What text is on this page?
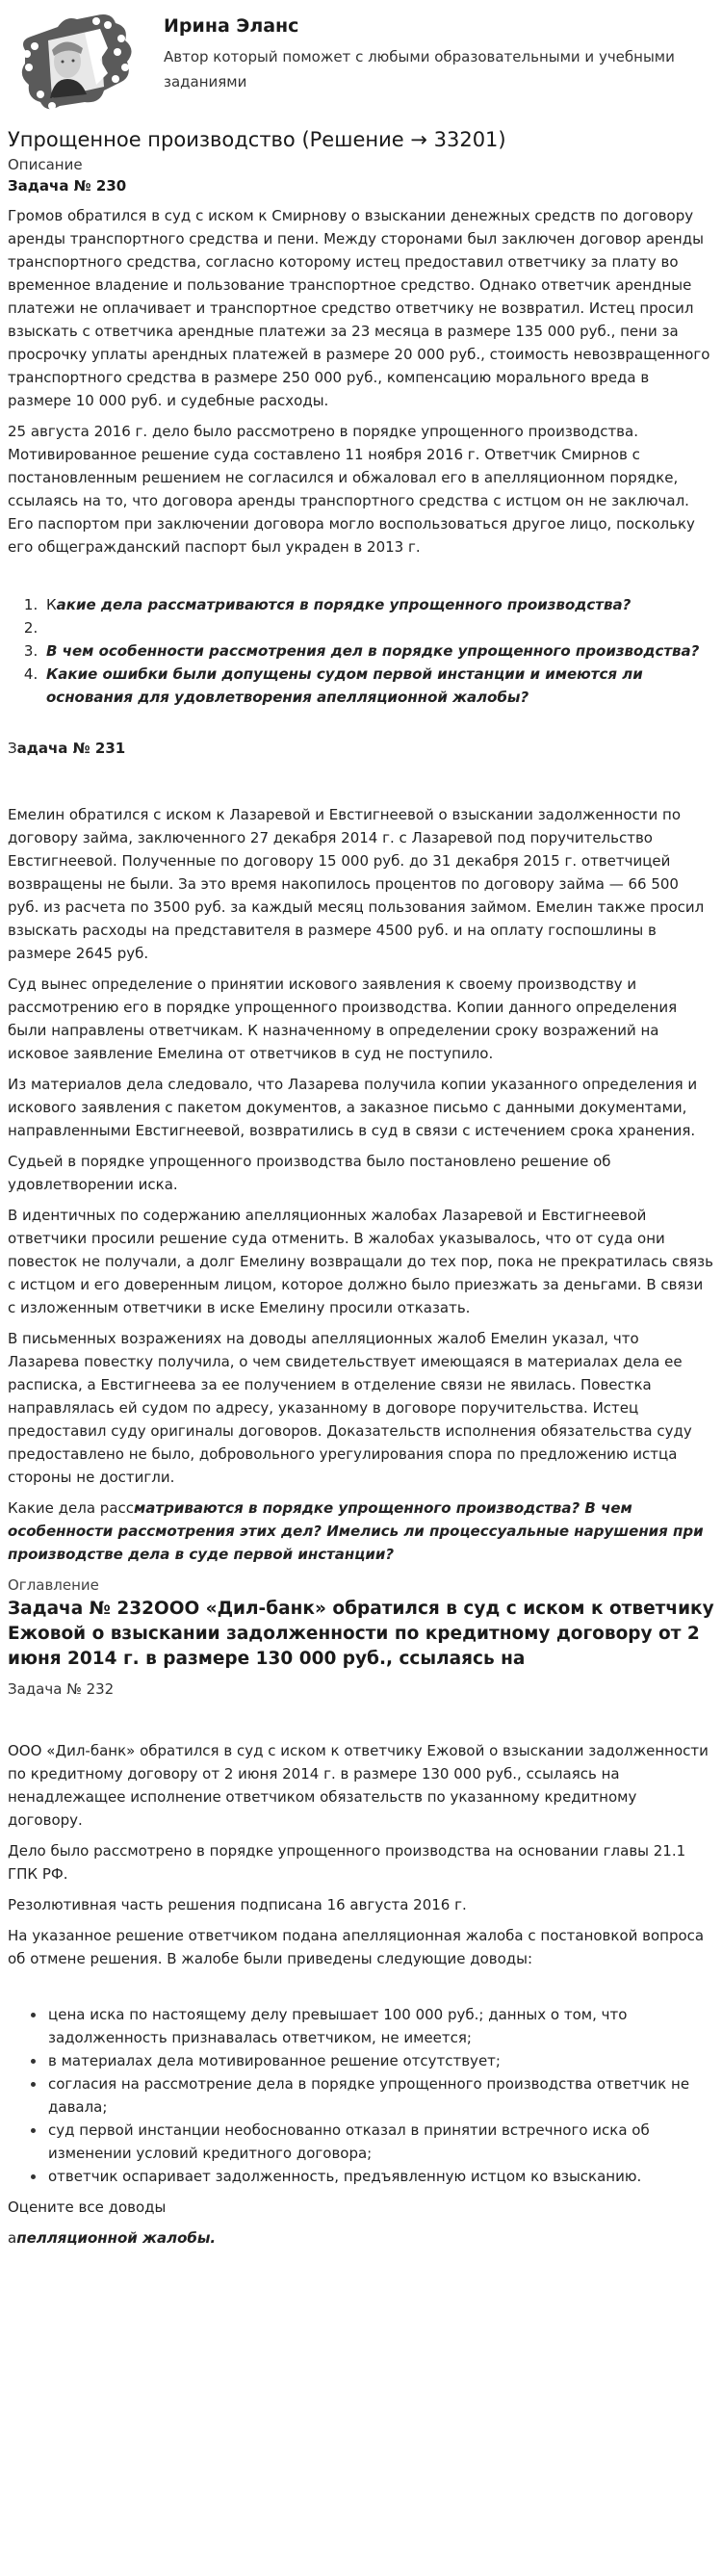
Ирина Эланс
Автор который поможет с любыми образовательными и учебными заданиями
Упрощенное производство (Решение → 33201)
Описание
Задача № 230

Громов обратился в суд с иском к Смирнову о взыскании денежных средств по договору аренды транспортного средства и пени. Между сторонами был заключен договор аренды транспортного средства, согласно которому истец предоставил ответчику за плату во временное владение и пользование транспортное средство. Однако ответчик арендные платежи не оплачивает и транспортное средство ответчику не возвратил. Истец просил взыскать с ответчика арендные платежи за 23 месяца в размере 135 000 руб., пени за просрочку уплаты арендных платежей в размере 20 000 руб., стоимость невозвращенного транспортного средства в размере 250 000 руб., компенсацию морального вреда в размере 10 000 руб. и судебные расходы.

25 августа 2016 г. дело было рассмотрено в порядке упрощенного производства. Мотивированное решение суда составлено 11 ноября 2016 г. Ответчик Смирнов с постановленным решением не согласился и обжаловал его в апелляционном порядке, ссылаясь на то, что договора аренды транспортного средства с истцом он не заключал. Его паспортом при заключении договора могло воспользоваться другое лицо, поскольку его общегражданский паспорт был украден в 2013 г.

1. Какие дела рассматриваются в порядке упрощенного производства?
2.
3. В чем особенности рассмотрения дел в порядке упрощенного производства?
4. Какие ошибки были допущены судом первой инстанции и имеются ли основания для удовлетворения апелляционной жалобы?
Задача № 231

Емелин обратился с иском к Лазаревой и Евстигнеевой о взыскании задолженности по договору займа, заключенного 27 декабря 2014 г. с Лазаревой под поручительство Евстигнеевой. Полученные по договору 15 000 руб. до 31 декабря 2015 г. ответчицей возвращены не были. За это время накопилось процентов по договору займа — 66 500 руб. из расчета по 3500 руб. за каждый месяц пользования займом. Емелин также просил взыскать расходы на представителя в размере 4500 руб. и на оплату госпошлины в размере 2645 руб.

Суд вынес определение о принятии искового заявления к своему производству и рассмотрению его в порядке упрощенного производства. Копии данного определения были направлены ответчикам. К назначенному в определении сроку возражений на исковое заявление Емелина от ответчиков в суд не поступило.

Из материалов дела следовало, что Лазарева получила копии указанного определения и искового заявления с пакетом документов, а заказное письмо с данными документами, направленными Евстигнеевой, возвратились в суд в связи с истечением срока хранения.

Судьей в порядке упрощенного производства было постановлено решение об удовлетворении иска.

В идентичных по содержанию апелляционных жалобах Лазаревой и Евстигнеевой ответчики просили решение суда отменить. В жалобах указывалось, что от суда они повесток не получали, а долг Емелину возвращали до тех пор, пока не прекратилась связь с истцом и его доверенным лицом, которое должно было приезжать за деньгами. В связи с изложенным ответчики в иске Емелину просили отказать.

В письменных возражениях на доводы апелляционных жалоб Емелин указал, что Лазарева повестку получила, о чем свидетельствует имеющаяся в материалах дела ее расписка, а Евстигнеева за ее получением в отделение связи не явилась. Повестка направлялась ей судом по адресу, указанному в договоре поручительства. Истец предоставил суду оригиналы договоров. Доказательств исполнения обязательства суду предоставлено не было, добровольного урегулирования спора по предложению истца стороны не достигли.

Какие дела рассматриваются в порядке упрощенного производства? В чем особенности рассмотрения этих дел? Имелись ли процессуальные нарушения при производстве дела в суде первой инстанции?

Оглавление
Задача № 232ООО «Дил-банк» обратился в суд с иском к ответчику Ежовой о взыскании задолженности по кредитному договору от 2 июня 2014 г. в размере 130 000 руб., ссылаясь на
Задача № 232

ООО «Дил-банк» обратился в суд с иском к ответчику Ежовой о взыскании задолженности по кредитному договору от 2 июня 2014 г. в размере 130 000 руб., ссылаясь на ненадлежащее исполнение ответчиком обязательств по указанному кредитному договору.

Дело было рассмотрено в порядке упрощенного производства на основании главы 21.1 ГПК РФ.

Резолютивная часть решения подписана 16 августа 2016 г.

На указанное решение ответчиком подана апелляционная жалоба с постановкой вопроса об отмене решения. В жалобе были приведены следующие доводы:

цена иска по настоящему делу превышает 100 000 руб.; данных о том, что задолженность признавалась ответчиком, не имеется;
в материалах дела мотивированное решение отсутствует;
согласия на рассмотрение дела в порядке упрощенного производства ответчик не давала;
суд первой инстанции необоснованно отказал в принятии встречного иска об изменении условий кредитного договора;
ответчик оспаривает задолженность, предъявленную истцом ко взысканию.

Оцените все доводы

апелляционной жалобы.
